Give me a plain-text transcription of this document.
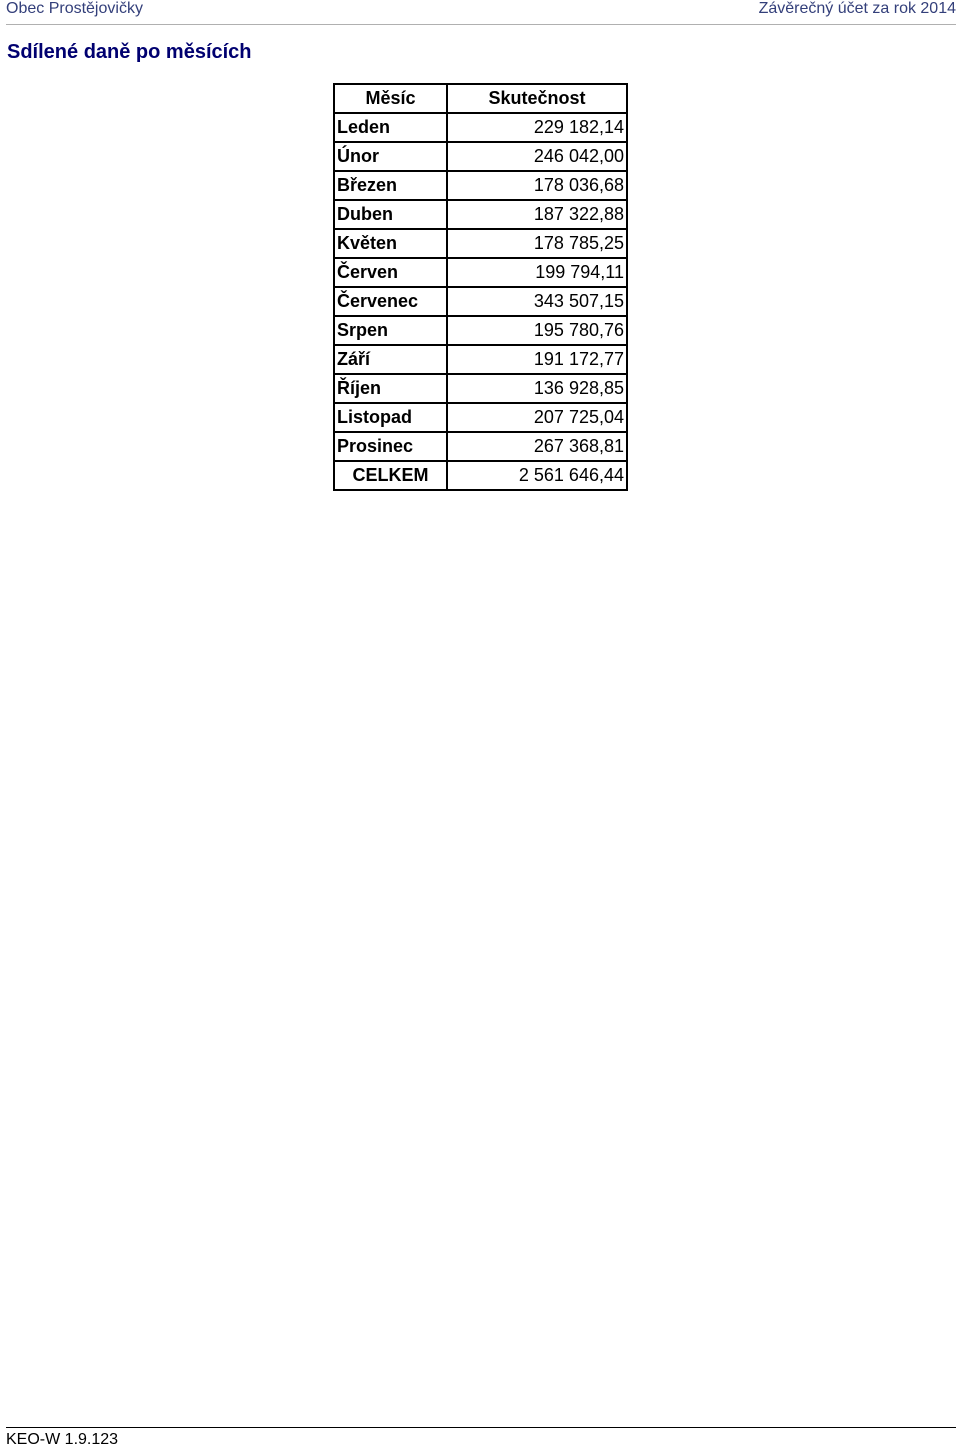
Obec Prostějovičky	Závěrečný účet za rok 2014
Sdílené daně po měsících
Měsíc	Skutečnost
Leden	229 182,14
Únor	246 042,00
Březen	178 036,68
Duben	187 322,88
Květen	178 785,25
Červen	199 794,11
Červenec	343 507,15
Srpen	195 780,76
Září	191 172,77
Říjen	136 928,85
Listopad	207 725,04
Prosinec	267 368,81
CELKEM	2 561 646,44
KEO-W 1.9.123
